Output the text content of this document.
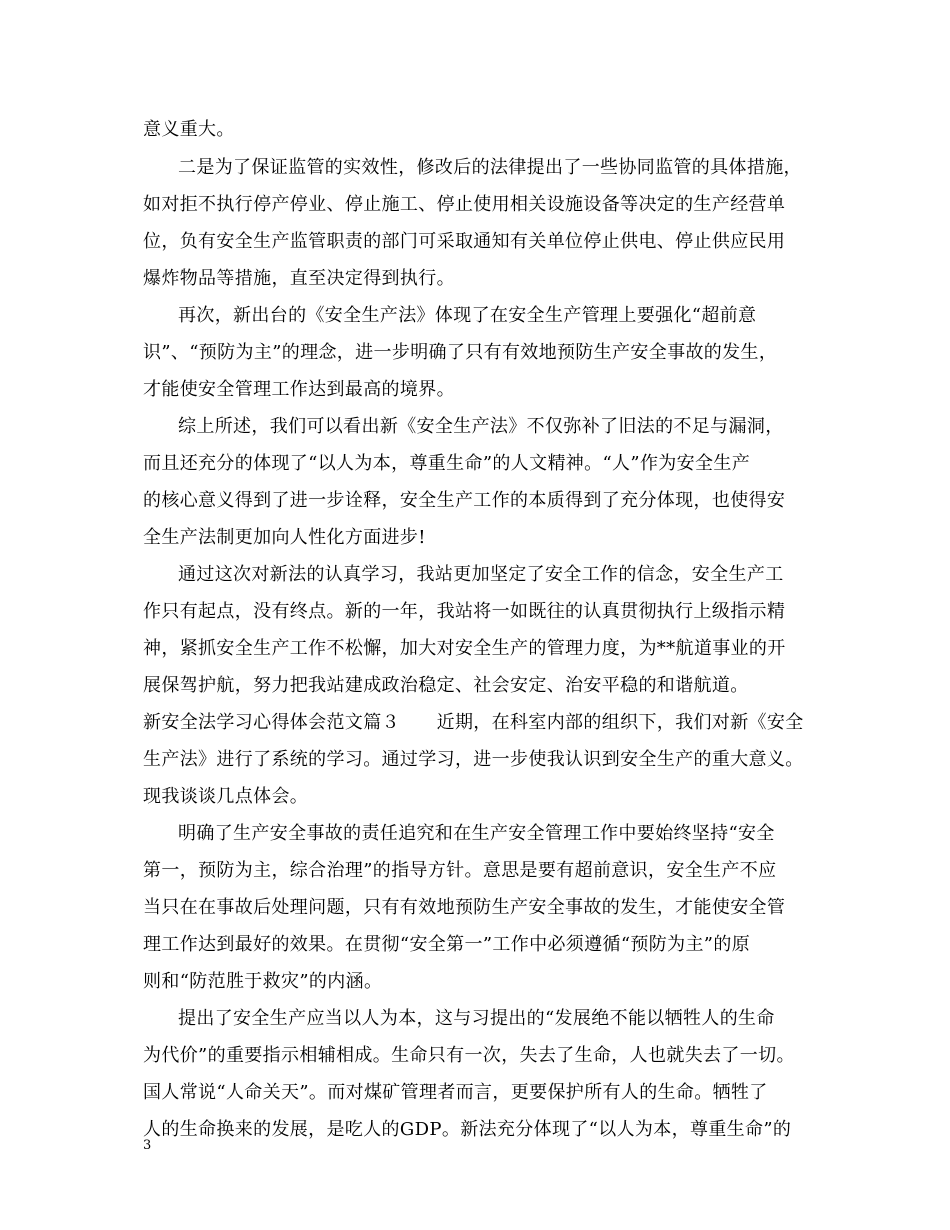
意义重大。
二是为了保证监管的实效性，修改后的法律提出了一些协同监管的具体措施，
如对拒不执行停产停业、停止施工、停止使用相关设施设备等决定的生产经营单
位，负有安全生产监管职责的部门可采取通知有关单位停止供电、停止供应民用
爆炸物品等措施，直至决定得到执行。
再次，新出台的《安全生产法》体现了在安全生产管理上要强化“超前意
识”、“预防为主”的理念，进一步明确了只有有效地预防生产安全事故的发生，
才能使安全管理工作达到最高的境界。
综上所述，我们可以看出新《安全生产法》不仅弥补了旧法的不足与漏洞，
而且还充分的体现了“以人为本，尊重生命”的人文精神。“人”作为安全生产
的核心意义得到了进一步诠释，安全生产工作的本质得到了充分体现，也使得安
全生产法制更加向人性化方面进步!
通过这次对新法的认真学习，我站更加坚定了安全工作的信念，安全生产工
作只有起点，没有终点。新的一年，我站将一如既往的认真贯彻执行上级指示精
神，紧抓安全生产工作不松懈，加大对安全生产的管理力度，为**航道事业的开
展保驾护航，努力把我站建成政治稳定、社会安定、治安平稳的和谐航道。
新安全法学习心得体会范文篇３　　近期，在科室内部的组织下，我们对新《安全
生产法》进行了系统的学习。通过学习，进一步使我认识到安全生产的重大意义。
现我谈谈几点体会。
明确了生产安全事故的责任追究和在生产安全管理工作中要始终坚持“安全
第一，预防为主，综合治理”的指导方针。意思是要有超前意识，安全生产不应
当只在在事故后处理问题，只有有效地预防生产安全事故的发生，才能使安全管
理工作达到最好的效果。在贯彻“安全第一”工作中必须遵循“预防为主”的原
则和“防范胜于救灾”的内涵。
提出了安全生产应当以人为本，这与习提出的“发展绝不能以牺牲人的生命
为代价”的重要指示相辅相成。生命只有一次，失去了生命，人也就失去了一切。
国人常说“人命关天”。而对煤矿管理者而言，更要保护所有人的生命。牺牲了
人的生命换来的发展，是吃人的GDP。新法充分体现了“以人为本，尊重生命”的
3
